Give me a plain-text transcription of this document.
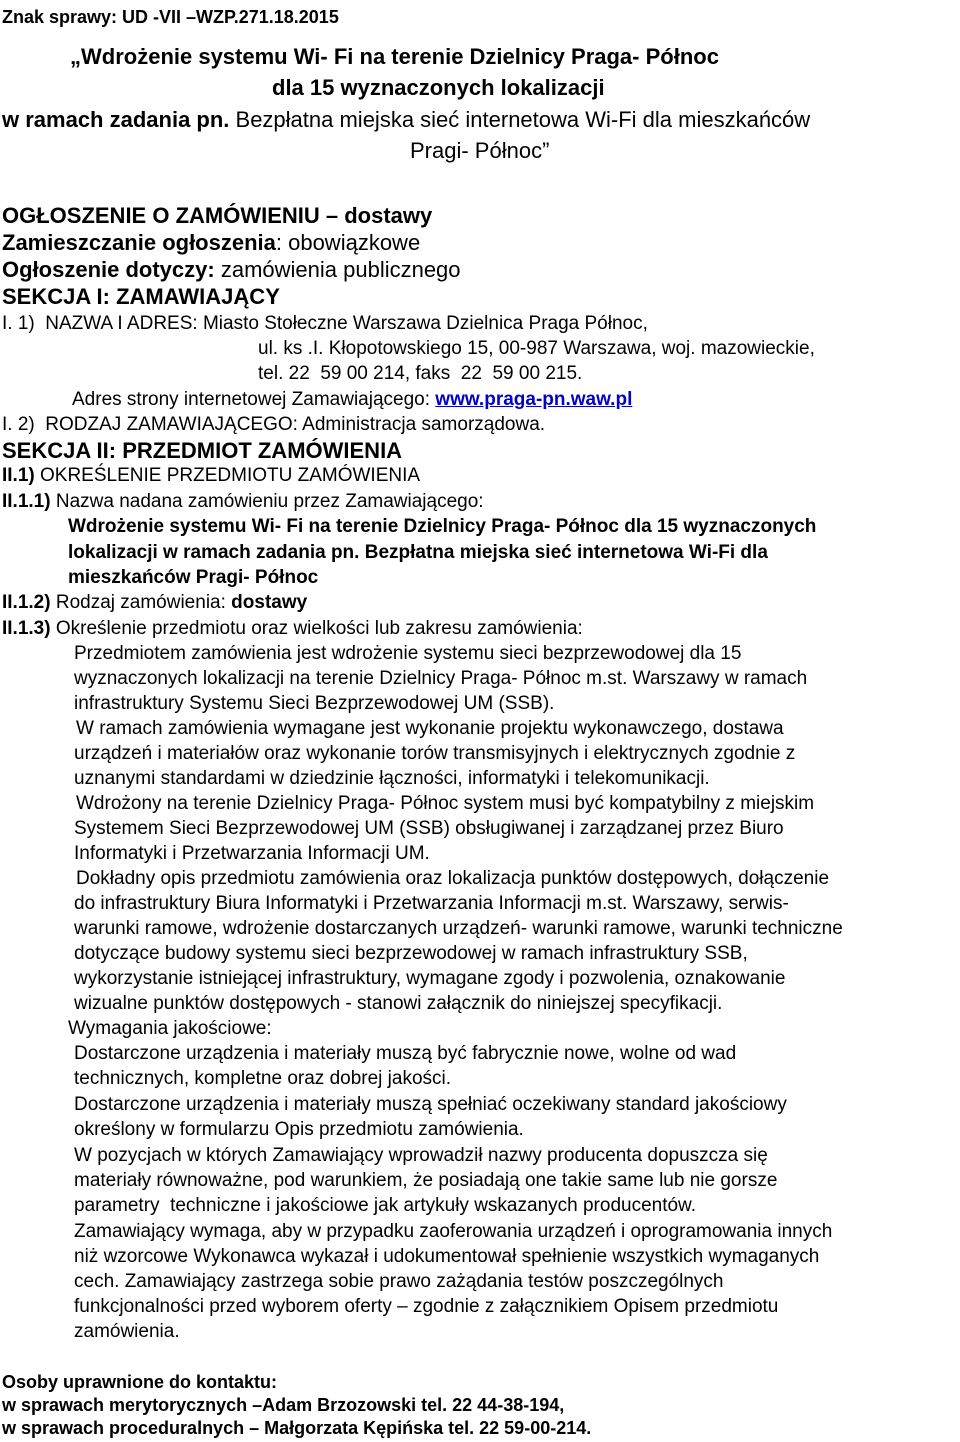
Znak sprawy: UD -VII –WZP.271.18.2015
„Wdrożenie systemu Wi- Fi na terenie Dzielnicy Praga- Północ
dla 15 wyznaczonych lokalizacji
w ramach zadania pn. Bezpłatna miejska sieć internetowa Wi-Fi dla mieszkańców
Pragi- Północ”
OGŁOSZENIE O ZAMÓWIENIU – dostawy
Zamieszczanie ogłoszenia: obowiązkowe
Ogłoszenie dotyczy: zamówienia publicznego
SEKCJA I: ZAMAWIAJĄCY
I. 1)  NAZWA I ADRES: Miasto Stołeczne Warszawa Dzielnica Praga Północ,
ul. ks .I. Kłopotowskiego 15, 00-987 Warszawa, woj. mazowieckie,
tel. 22  59 00 214, faks  22  59 00 215.
Adres strony internetowej Zamawiającego: www.praga-pn.waw.pl
I. 2)  RODZAJ ZAMAWIAJĄCEGO: Administracja samorządowa.
SEKCJA II: PRZEDMIOT ZAMÓWIENIA
II.1) OKREŚLENIE PRZEDMIOTU ZAMÓWIENIA
II.1.1) Nazwa nadana zamówieniu przez Zamawiającego:
Wdrożenie systemu Wi- Fi na terenie Dzielnicy Praga- Północ dla 15 wyznaczonych
lokalizacji w ramach zadania pn. Bezpłatna miejska sieć internetowa Wi-Fi dla
mieszkańców Pragi- Północ
II.1.2) Rodzaj zamówienia: dostawy
II.1.3) Określenie przedmiotu oraz wielkości lub zakresu zamówienia:
Przedmiotem zamówienia jest wdrożenie systemu sieci bezprzewodowej dla 15
wyznaczonych lokalizacji na terenie Dzielnicy Praga- Północ m.st. Warszawy w ramach
infrastruktury Systemu Sieci Bezprzewodowej UM (SSB).
W ramach zamówienia wymagane jest wykonanie projektu wykonawczego, dostawa
urządzeń i materiałów oraz wykonanie torów transmisyjnych i elektrycznych zgodnie z
uznanymi standardami w dziedzinie łączności, informatyki i telekomunikacji.
Wdrożony na terenie Dzielnicy Praga- Północ system musi być kompatybilny z miejskim
Systemem Sieci Bezprzewodowej UM (SSB) obsługiwanej i zarządzanej przez Biuro
Informatyki i Przetwarzania Informacji UM.
Dokładny opis przedmiotu zamówienia oraz lokalizacja punktów dostępowych, dołączenie
do infrastruktury Biura Informatyki i Przetwarzania Informacji m.st. Warszawy, serwis-
warunki ramowe, wdrożenie dostarczanych urządzeń- warunki ramowe, warunki techniczne
dotyczące budowy systemu sieci bezprzewodowej w ramach infrastruktury SSB,
wykorzystanie istniejącej infrastruktury, wymagane zgody i pozwolenia, oznakowanie
wizualne punktów dostępowych - stanowi załącznik do niniejszej specyfikacji.
Wymagania jakościowe:
Dostarczone urządzenia i materiały muszą być fabrycznie nowe, wolne od wad
technicznych, kompletne oraz dobrej jakości.
Dostarczone urządzenia i materiały muszą spełniać oczekiwany standard jakościowy
określony w formularzu Opis przedmiotu zamówienia.
W pozycjach w których Zamawiający wprowadził nazwy producenta dopuszcza się
materiały równoważne, pod warunkiem, że posiadają one takie same lub nie gorsze
parametry  techniczne i jakościowe jak artykuły wskazanych producentów.
Zamawiający wymaga, aby w przypadku zaoferowania urządzeń i oprogramowania innych
niż wzorcowe Wykonawca wykazał i udokumentował spełnienie wszystkich wymaganych
cech. Zamawiający zastrzega sobie prawo zażądania testów poszczególnych
funkcjonalności przed wyborem oferty – zgodnie z załącznikiem Opisem przedmiotu
zamówienia.
Osoby uprawnione do kontaktu:
w sprawach merytorycznych –Adam Brzozowski tel. 22 44-38-194,
w sprawach proceduralnych – Małgorzata Kępińska tel. 22 59-00-214.
